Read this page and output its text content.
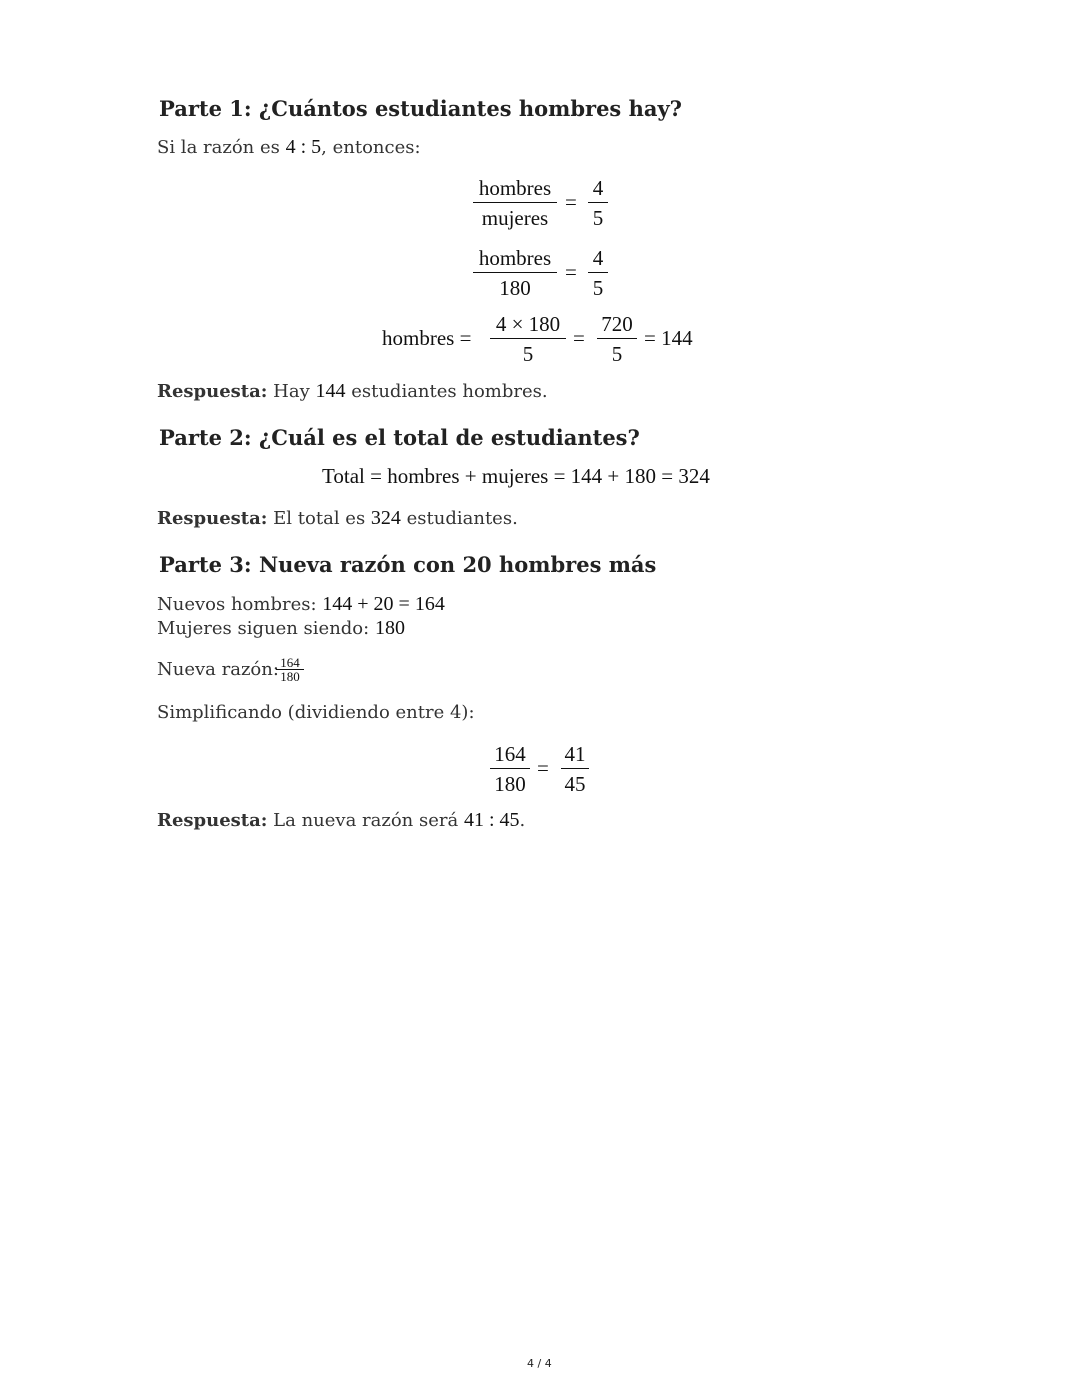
Parte 1: ¿Cuántos estudiantes hombres hay?
Si la razón es 4 : 5, entonces:
hombres
mujeres
=
4
5
hombres
180
=
4
5
hombres =
4 × 180
5
=
720
5
= 144
Respuesta: Hay 144 estudiantes hombres.
Parte 2: ¿Cuál es el total de estudiantes?
Total = hombres + mujeres = 144 + 180 = 324
Respuesta: El total es 324 estudiantes.
Parte 3: Nueva razón con 20 hombres más
Nuevos hombres: 144 + 20 = 164
Mujeres siguen siendo: 180
Nueva razón: 164
180
Simplificando (dividiendo entre 4):
164
180
=
41
45
Respuesta: La nueva razón será 41 : 45.
4 / 4
